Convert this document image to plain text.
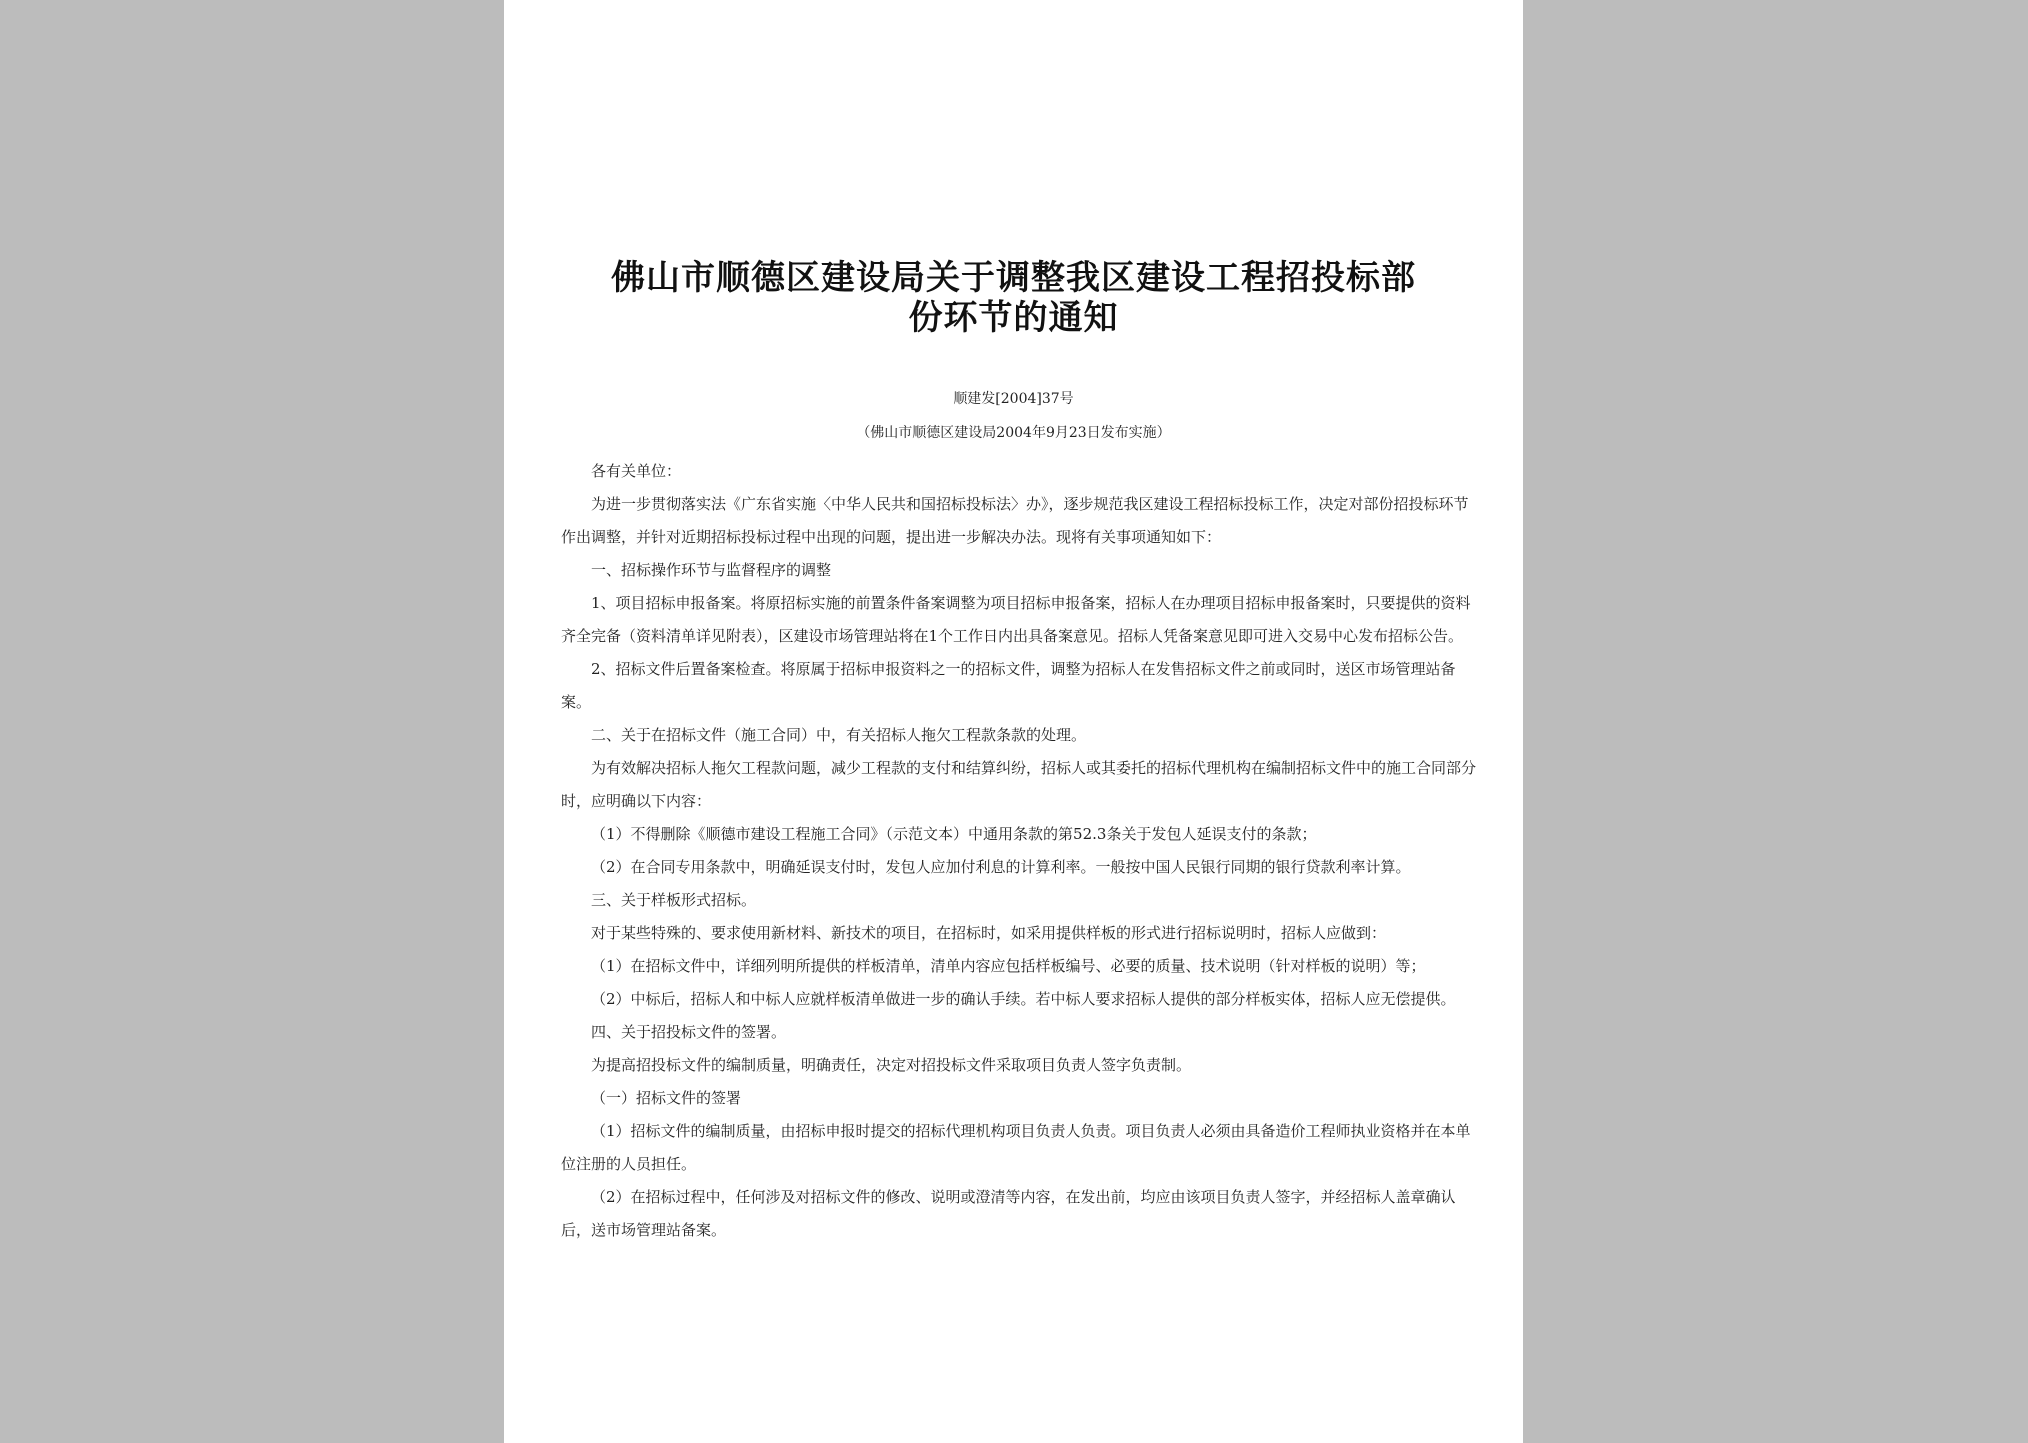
佛山市顺德区建设局关于调整我区建设工程招投标部
份环节的通知
顺建发[2004]37号
（佛山市顺德区建设局2004年9月23日发布实施）

各有关单位：

为进一步贯彻落实法《广东省实施〈中华人民共和国招标投标法〉办》，逐步规范我区建设工程招标投标工作，决定对部份招投标环节作出调整，并针对近期招标投标过程中出现的问题，提出进一步解决办法。现将有关事项通知如下：

一、招标操作环节与监督程序的调整

1、项目招标申报备案。将原招标实施的前置条件备案调整为项目招标申报备案，招标人在办理项目招标申报备案时，只要提供的资料齐全完备（资料清单详见附表），区建设市场管理站将在1个工作日内出具备案意见。招标人凭备案意见即可进入交易中心发布招标公告。

2、招标文件后置备案检查。将原属于招标申报资料之一的招标文件，调整为招标人在发售招标文件之前或同时，送区市场管理站备案。

二、关于在招标文件（施工合同）中，有关招标人拖欠工程款条款的处理。

为有效解决招标人拖欠工程款问题，减少工程款的支付和结算纠纷，招标人或其委托的招标代理机构在编制招标文件中的施工合同部分时，应明确以下内容：

（1）不得删除《顺德市建设工程施工合同》（示范文本）中通用条款的第52.3条关于发包人延误支付的条款；

（2）在合同专用条款中，明确延误支付时，发包人应加付利息的计算利率。一般按中国人民银行同期的银行贷款利率计算。

三、关于样板形式招标。

对于某些特殊的、要求使用新材料、新技术的项目，在招标时，如采用提供样板的形式进行招标说明时，招标人应做到：

（1）在招标文件中，详细列明所提供的样板清单，清单内容应包括样板编号、必要的质量、技术说明（针对样板的说明）等；

（2）中标后，招标人和中标人应就样板清单做进一步的确认手续。若中标人要求招标人提供的部分样板实体，招标人应无偿提供。

四、关于招投标文件的签署。

为提高招投标文件的编制质量，明确责任，决定对招投标文件采取项目负责人签字负责制。

（一）招标文件的签署

（1）招标文件的编制质量，由招标申报时提交的招标代理机构项目负责人负责。项目负责人必须由具备造价工程师执业资格并在本单位注册的人员担任。

（2）在招标过程中，任何涉及对招标文件的修改、说明或澄清等内容，在发出前，均应由该项目负责人签字，并经招标人盖章确认后，送市场管理站备案。
